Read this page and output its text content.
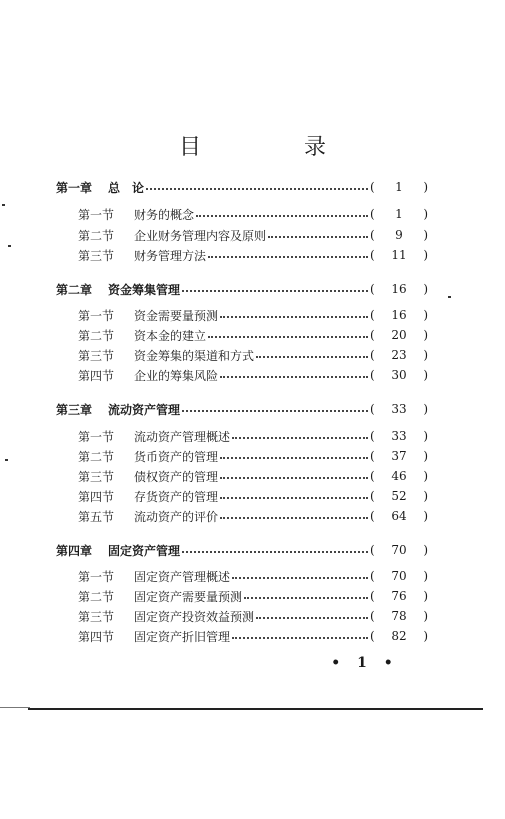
目 录
第一章 总　论	(	1	)
第一节 财务的概念	(	1	)
第二节 企业财务管理内容及原则	(	9	)
第三节 财务管理方法	(	11	)
第二章 资金筹集管理	(	16	)
第一节 资金需要量预测	(	16	)
第二节 资本金的建立	(	20	)
第三节 资金筹集的渠道和方式	(	23	)
第四节 企业的筹集风险	(	30	)
第三章 流动资产管理	(	33	)
第一节 流动资产管理概述	(	33	)
第二节 货币资产的管理	(	37	)
第三节 债权资产的管理	(	46	)
第四节 存货资产的管理	(	52	)
第五节 流动资产的评价	(	64	)
第四章 固定资产管理	(	70	)
第一节 固定资产管理概述	(	70	)
第二节 固定资产需要量预测	(	76	)
第三节 固定资产投资效益预测	(	78	)
第四节 固定资产折旧管理	(	82	)
• 1 •
